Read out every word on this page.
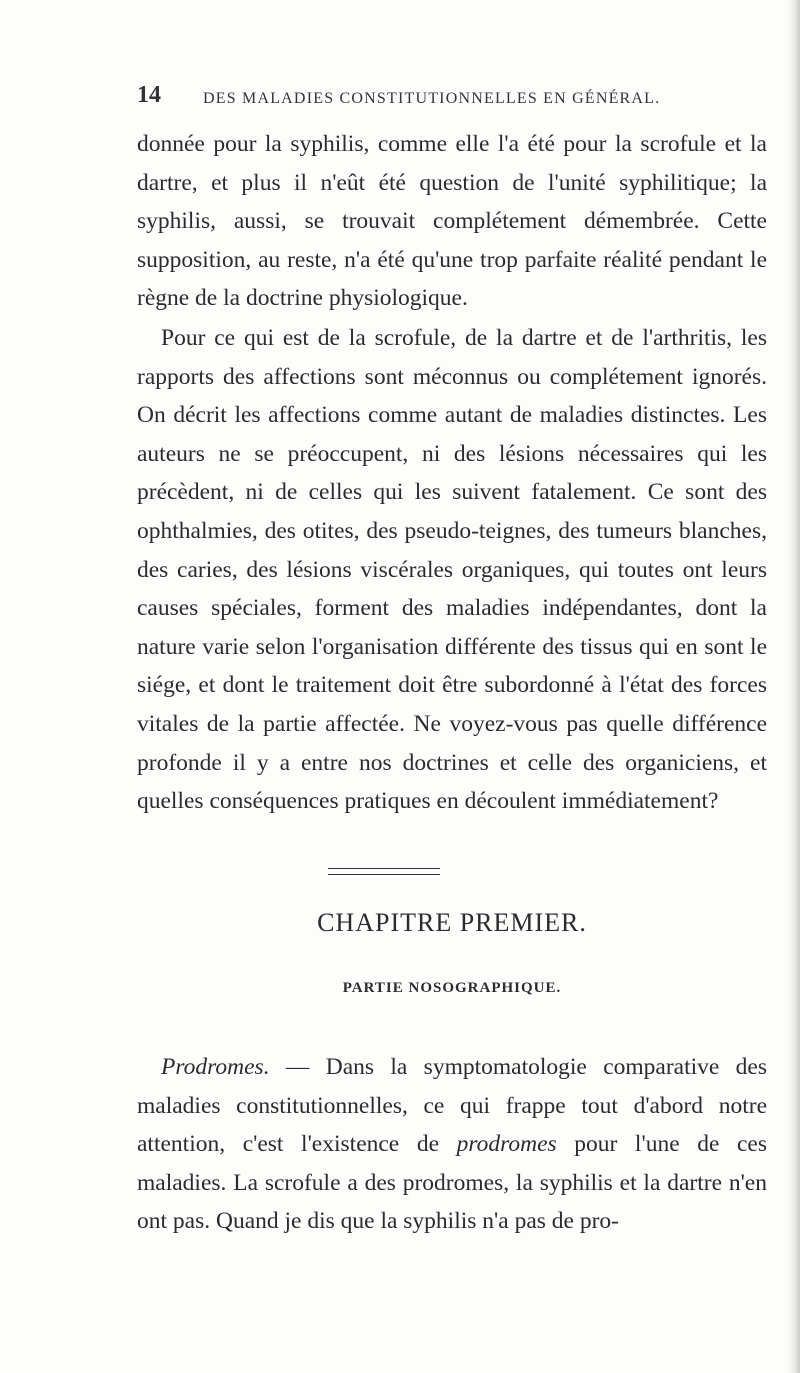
14	DES MALADIES CONSTITUTIONNELLES EN GÉNÉRAL.
donnée pour la syphilis, comme elle l'a été pour la scrofule et la dartre, et plus il n'eût été question de l'unité syphilitique; la syphilis, aussi, se trouvait complétement démembrée. Cette supposition, au reste, n'a été qu'une trop parfaite réalité pendant le règne de la doctrine physiologique.
Pour ce qui est de la scrofule, de la dartre et de l'arthritis, les rapports des affections sont méconnus ou complétement ignorés. On décrit les affections comme autant de maladies distinctes. Les auteurs ne se préoccupent, ni des lésions nécessaires qui les précèdent, ni de celles qui les suivent fatalement. Ce sont des ophthalmies, des otites, des pseudo-teignes, des tumeurs blanches, des caries, des lésions viscérales organiques, qui toutes ont leurs causes spéciales, forment des maladies indépendantes, dont la nature varie selon l'organisation différente des tissus qui en sont le siége, et dont le traitement doit être subordonné à l'état des forces vitales de la partie affectée. Ne voyez-vous pas quelle différence profonde il y a entre nos doctrines et celle des organiciens, et quelles conséquences pratiques en découlent immédiatement?
CHAPITRE PREMIER.
PARTIE NOSOGRAPHIQUE.
Prodromes. — Dans la symptomatologie comparative des maladies constitutionnelles, ce qui frappe tout d'abord notre attention, c'est l'existence de prodromes pour l'une de ces maladies. La scrofule a des prodromes, la syphilis et la dartre n'en ont pas. Quand je dis que la syphilis n'a pas de pro-
